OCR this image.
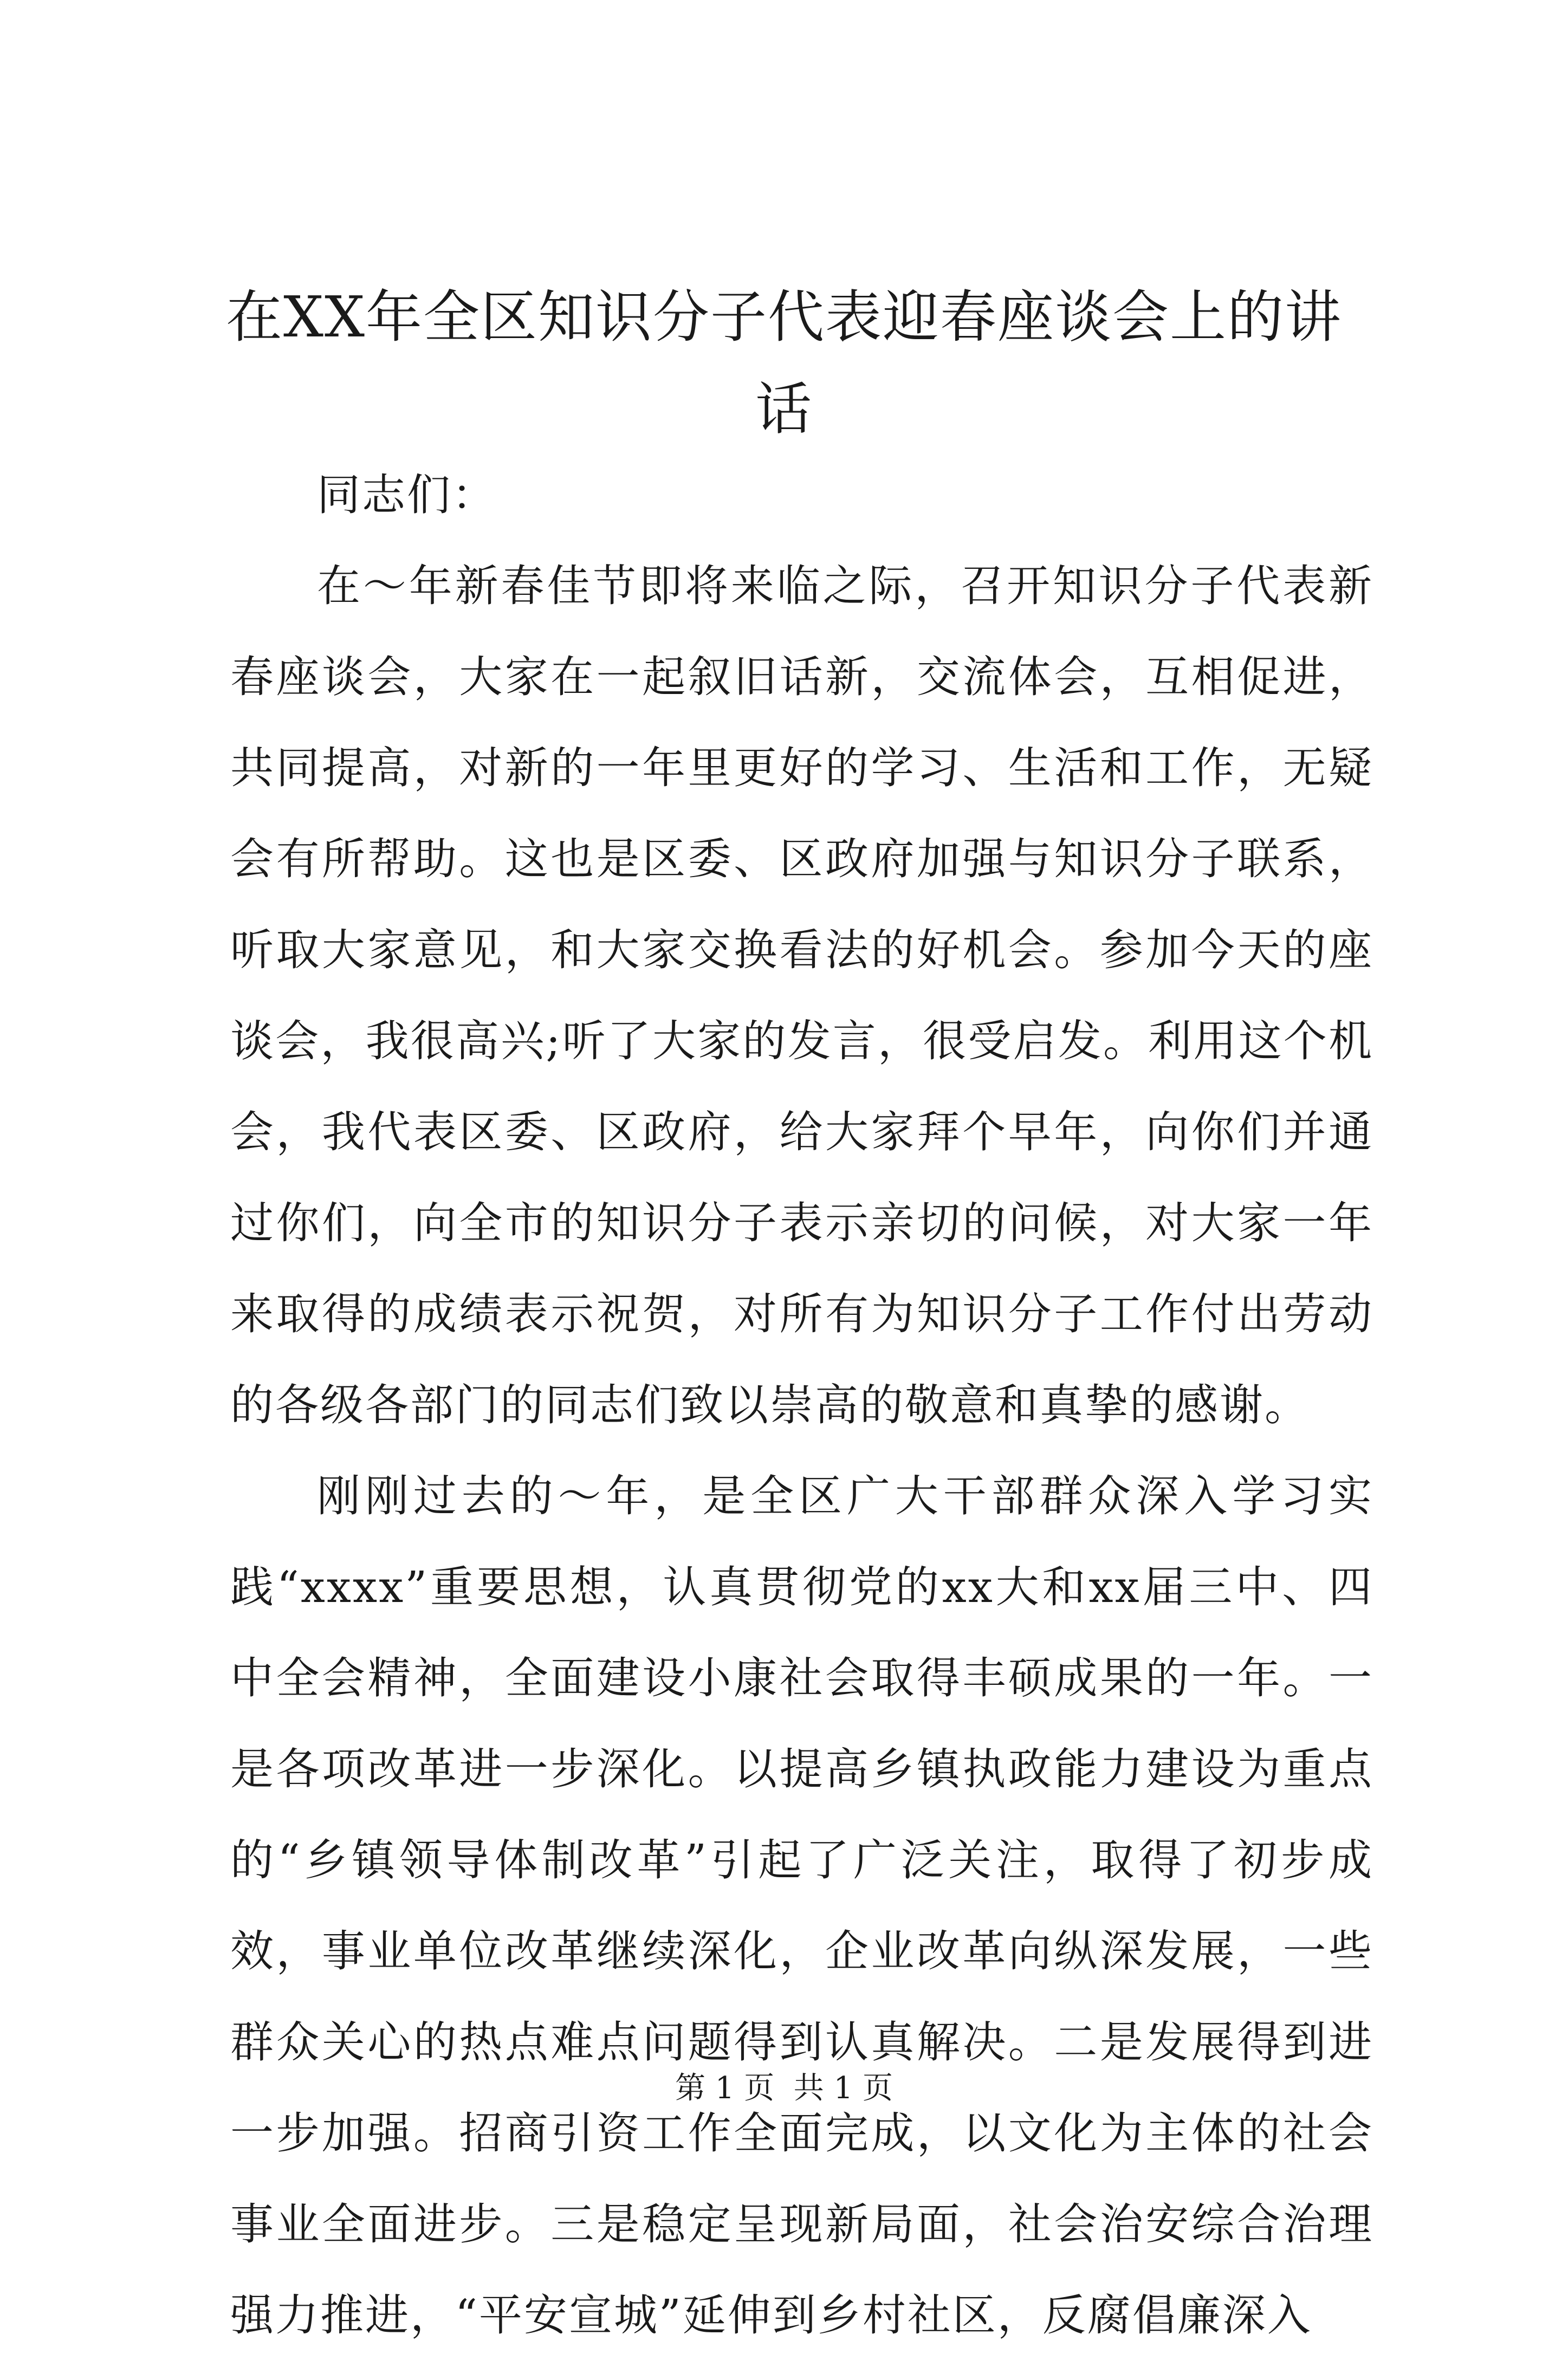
在XX年全区知识分子代表迎春座谈会上的讲话

同志们：

在～年新春佳节即将来临之际，召开知识分子代表新春座谈会，大家在一起叙旧话新，交流体会，互相促进，共同提高，对新的一年里更好的学习、生活和工作，无疑会有所帮助。这也是区委、区政府加强与知识分子联系，听取大家意见，和大家交换看法的好机会。参加今天的座谈会，我很高兴;听了大家的发言，很受启发。利用这个机会，我代表区委、区政府，给大家拜个早年，向你们并通过你们，向全市的知识分子表示亲切的问候，对大家一年来取得的成绩表示祝贺，对所有为知识分子工作付出劳动的各级各部门的同志们致以崇高的敬意和真挚的感谢。

刚刚过去的～年，是全区广大干部群众深入学习实践“xxxx”重要思想，认真贯彻党的xx大和xx届三中、四中全会精神，全面建设小康社会取得丰硕成果的一年。一是各项改革进一步深化。以提高乡镇执政能力建设为重点的“乡镇领导体制改革”引起了广泛关注，取得了初步成效，事业单位改革继续深化，企业改革向纵深发展，一些群众关心的热点难点问题得到认真解决。二是发展得到进一步加强。招商引资工作全面完成，以文化为主体的社会事业全面进步。三是稳定呈现新局面，社会治安综合治理强力推进，“平安宣城”延伸到乡村社区，反腐倡廉深入

第 1 页  共 1 页
